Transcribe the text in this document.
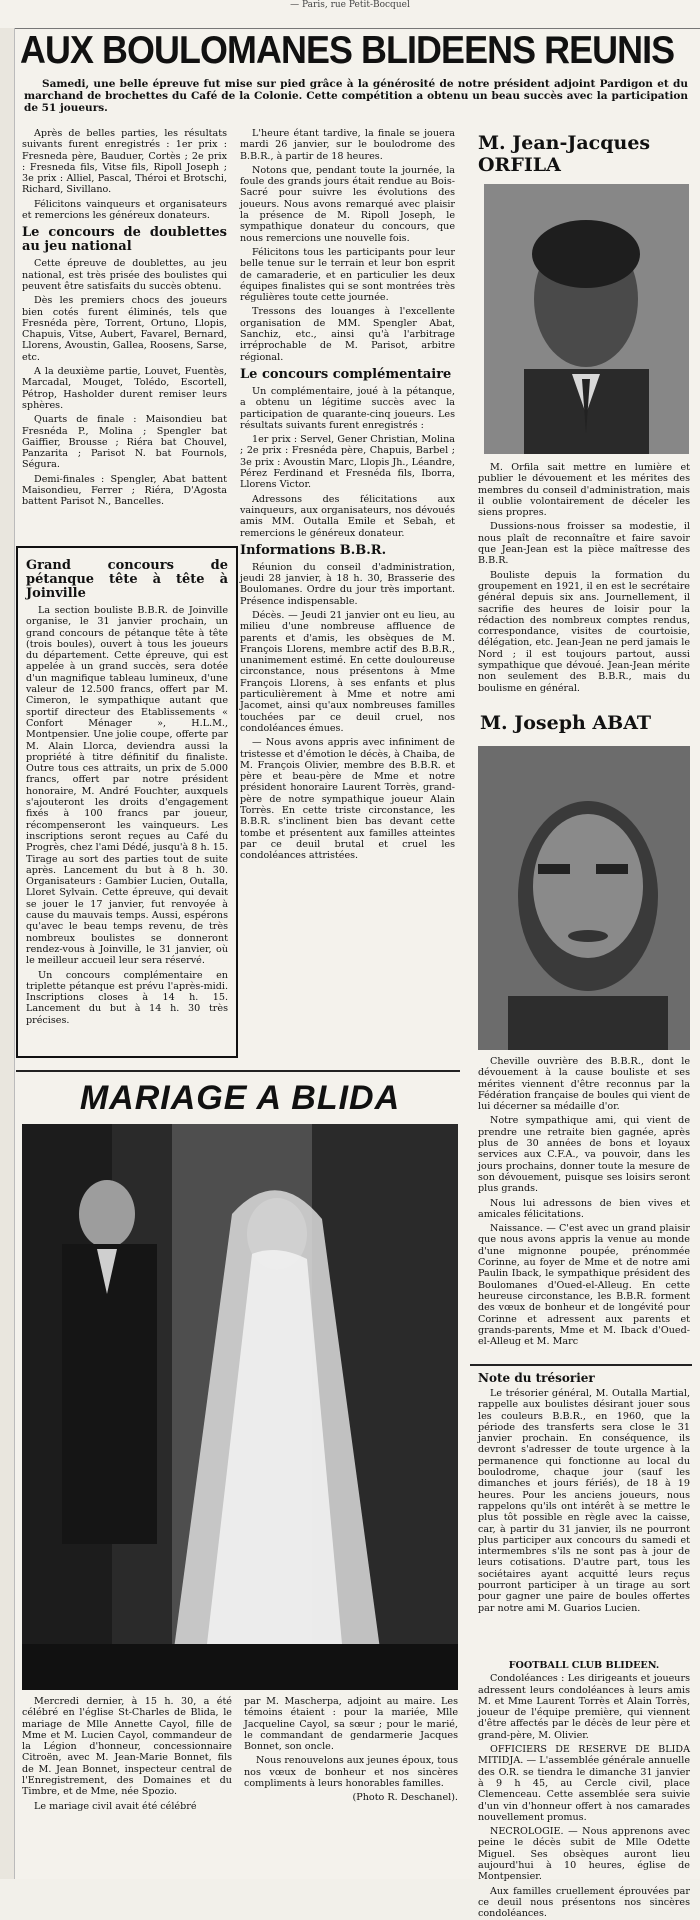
— Paris, rue Petit-Bocquel
AUX BOULOMANES BLIDEENS REUNIS
Samedi, une belle épreuve fut mise sur pied grâce à la générosité de notre président adjoint Pardigon et du marchand de brochettes du Café de la Colonie. Cette compétition a obtenu un beau succès avec la participation de 51 joueurs.

Après de belles parties, les résultats suivants furent enregistrés : 1er prix : Fresneda père, Bauduer, Cortès ; 2e prix : Fresneda fils, Vitse fils, Ripoll Joseph ; 3e prix : Alliel, Pascal, Théroi et Brotschi, Richard, Sivillano.

Félicitons vainqueurs et organisateurs et remercions les généreux donateurs.

Le concours de doublettes au jeu national

Cette épreuve de doublettes, au jeu national, est très prisée des boulistes qui peuvent être satisfaits du succès obtenu.

Dès les premiers chocs des joueurs bien cotés furent éliminés, tels que Fresnéda père, Torrent, Ortuno, Llopis, Chapuis, Vitse, Aubert, Favarel, Bernard, Llorens, Avoustin, Gallea, Roosens, Sarse, etc.

A la deuxième partie, Louvet, Fuentès, Marcadal, Mouget, Tolédo, Escortell, Pétrop, Hasholder durent remiser leurs sphères.

Quarts de finale : Maisondieu bat Fresnéda P., Molina ; Spengler bat Gaiffier, Brousse ; Riéra bat Chouvel, Panzarita ; Parisot N. bat Fournols, Ségura.

Demi-finales : Spengler, Abat battent Maisondieu, Ferrer ; Riéra, D'Agosta battent Parisot N., Bancelles.

Grand concours de pétanque tête à tête à Joinville

La section bouliste B.B.R. de Joinville organise, le 31 janvier prochain, un grand concours de pétanque tête à tête (trois boules), ouvert à tous les joueurs du département. Cette épreuve, qui est appelée à un grand succès, sera dotée d'un magnifique tableau lumineux, d'une valeur de 12.500 francs, offert par M. Cimeron, le sympathique autant que sportif directeur des Etablissements « Confort Ménager », H.L.M., Montpensier. Une jolie coupe, offerte par M. Alain Llorca, deviendra aussi la propriété à titre définitif du finaliste. Outre tous ces attraits, un prix de 5.000 francs, offert par notre président honoraire, M. André Fouchter, auxquels s'ajouteront les droits d'engagement fixés à 100 francs par joueur, récompenseront les vainqueurs. Les inscriptions seront reçues au Café du Progrès, chez l'ami Dédé, jusqu'à 8 h. 15. Tirage au sort des parties tout de suite après. Lancement du but à 8 h. 30. Organisateurs : Gambier Lucien, Outalla, Lloret Sylvain. Cette épreuve, qui devait se jouer le 17 janvier, fut renvoyée à cause du mauvais temps. Aussi, espérons qu'avec le beau temps revenu, de très nombreux boulistes se donneront rendez-vous à Joinville, le 31 janvier, où le meilleur accueil leur sera réservé.

Un concours complémentaire en triplette pétanque est prévu l'après-midi. Inscriptions closes à 14 h. 15. Lancement du but à 14 h. 30 très précises.

L'heure étant tardive, la finale se jouera mardi 26 janvier, sur le boulodrome des B.B.R., à partir de 18 heures.

Notons que, pendant toute la journée, la foule des grands jours était rendue au Bois-Sacré pour suivre les évolutions des joueurs. Nous avons remarqué avec plaisir la présence de M. Ripoll Joseph, le sympathique donateur du concours, que nous remercions une nouvelle fois.

Félicitons tous les participants pour leur belle tenue sur le terrain et leur bon esprit de camaraderie, et en particulier les deux équipes finalistes qui se sont montrées très régulières toute cette journée.

Tressons des louanges à l'excellente organisation de MM. Spengler Abat, Sanchiz, etc., ainsi qu'à l'arbitrage irréprochable de M. Parisot, arbitre régional.

Le concours complémentaire

Un complémentaire, joué à la pétanque, a obtenu un légitime succès avec la participation de quarante-cinq joueurs. Les résultats suivants furent enregistrés :

1er prix : Servel, Gener Christian, Molina ; 2e prix : Fresnéda père, Chapuis, Barbel ; 3e prix : Avoustin Marc, Llopis Jh., Léandre, Pérez Ferdinand et Fresnéda fils, Iborra, Llorens Victor.

Adressons des félicitations aux vainqueurs, aux organisateurs, nos dévoués amis MM. Outalla Emile et Sebah, et remercions le généreux donateur.

Informations B.B.R.

Réunion du conseil d'administration, jeudi 28 janvier, à 18 h. 30, Brasserie des Boulomanes. Ordre du jour très important. Présence indispensable.

Décès. — Jeudi 21 janvier ont eu lieu, au milieu d'une nombreuse affluence de parents et d'amis, les obsèques de M. François Llorens, membre actif des B.B.R., unanimement estimé. En cette douloureuse circonstance, nous présentons à Mme François Llorens, à ses enfants et plus particulièrement à Mme et notre ami Jacomet, ainsi qu'aux nombreuses familles touchées par ce deuil cruel, nos condoléances émues.

— Nous avons appris avec infiniment de tristesse et d'émotion le décès, à Chaiba, de M. François Olivier, membre des B.B.R. et père et beau-père de Mme et notre président honoraire Laurent Torrès, grand-père de notre sympathique joueur Alain Torrès. En cette triste circonstance, les B.B.R. s'inclinent bien bas devant cette tombe et présentent aux familles atteintes par ce deuil brutal et cruel les condoléances attristées.

M. Jean-Jacques ORFILA

M. Orfila sait mettre en lumière et publier le dévouement et les mérites des membres du conseil d'administration, mais il oublie volontairement de déceler les siens propres.

Dussions-nous froisser sa modestie, il nous plaît de reconnaître et faire savoir que Jean-Jean est la pièce maîtresse des B.B.R.

Bouliste depuis la formation du groupement en 1921, il en est le secrétaire général depuis six ans. Journellement, il sacrifie des heures de loisir pour la rédaction des nombreux comptes rendus, correspondance, visites de courtoisie, délégation, etc. Jean-Jean ne perd jamais le Nord ; il est toujours partout, aussi sympathique que dévoué. Jean-Jean mérite non seulement des B.B.R., mais du boulisme en général.

M. Joseph ABAT

Cheville ouvrière des B.B.R., dont le dévouement à la cause bouliste et ses mérites viennent d'être reconnus par la Fédération française de boules qui vient de lui décerner sa médaille d'or.

Notre sympathique ami, qui vient de prendre une retraite bien gagnée, après plus de 30 années de bons et loyaux services aux C.F.A., va pouvoir, dans les jours prochains, donner toute la mesure de son dévouement, puisque ses loisirs seront plus grands.

Nous lui adressons de bien vives et amicales félicitations.

Naissance. — C'est avec un grand plaisir que nous avons appris la venue au monde d'une mignonne poupée, prénommée Corinne, au foyer de Mme et de notre ami Paulin Iback, le sympathique président des Boulomanes d'Oued-el-Alleug. En cette heureuse circonstance, les B.B.R. forment des vœux de bonheur et de longévité pour Corinne et adressent aux parents et grands-parents, Mme et M. Iback d'Oued-el-Alleug et M. Marc

Note du trésorier

Le trésorier général, M. Outalla Martial, rappelle aux boulistes désirant jouer sous les couleurs B.B.R., en 1960, que la période des transferts sera close le 31 janvier prochain. En conséquence, ils devront s'adresser de toute urgence à la permanence qui fonctionne au local du boulodrome, chaque jour (sauf les dimanches et jours fériés), de 18 à 19 heures. Pour les anciens joueurs, nous rappelons qu'ils ont intérêt à se mettre le plus tôt possible en règle avec la caisse, car, à partir du 31 janvier, ils ne pourront plus participer aux concours du samedi et intermembres s'ils ne sont pas à jour de leurs cotisations. D'autre part, tous les sociétaires ayant acquitté leurs reçus pourront participer à un tirage au sort pour gagner une paire de boules offertes par notre ami M. Guarios Lucien.

FOOTBALL CLUB BLIDEEN.

Condoléances : Les dirigeants et joueurs adressent leurs condoléances à leurs amis M. et Mme Laurent Torrès et Alain Torrès, joueur de l'équipe première, qui viennent d'être affectés par le décès de leur père et grand-père, M. Olivier.

OFFICIERS DE RESERVE DE BLIDA MITIDJA. — L'assemblée générale annuelle des O.R. se tiendra le dimanche 31 janvier à 9 h 45, au Cercle civil, place Clemenceau. Cette assemblée sera suivie d'un vin d'honneur offert à nos camarades nouvellement promus.

NECROLOGIE. — Nous apprenons avec peine le décès subit de Mlle Odette Miguel. Ses obsèques auront lieu aujourd'hui à 10 heures, église de Montpensier.

Aux familles cruellement éprouvées par ce deuil nous présentons nos sincères condoléances.

MARIAGE A BLIDA

Mercredi dernier, à 15 h. 30, a été célébré en l'église St-Charles de Blida, le mariage de Mlle Annette Cayol, fille de Mme et M. Lucien Cayol, commandeur de la Légion d'honneur, concessionnaire Citroën, avec M. Jean-Marie Bonnet, fils de M. Jean Bonnet, inspecteur central de l'Enregistrement, des Domaines et du Timbre, et de Mme, née Spozio.

Le mariage civil avait été célébré

par M. Mascherpa, adjoint au maire. Les témoins étaient : pour la mariée, Mlle Jacqueline Cayol, sa sœur ; pour le marié, le commandant de gendarmerie Jacques Bonnet, son oncle.

Nous renouvelons aux jeunes époux, tous nos vœux de bonheur et nos sincères compliments à leurs honorables familles.

(Photo R. Deschanel).
